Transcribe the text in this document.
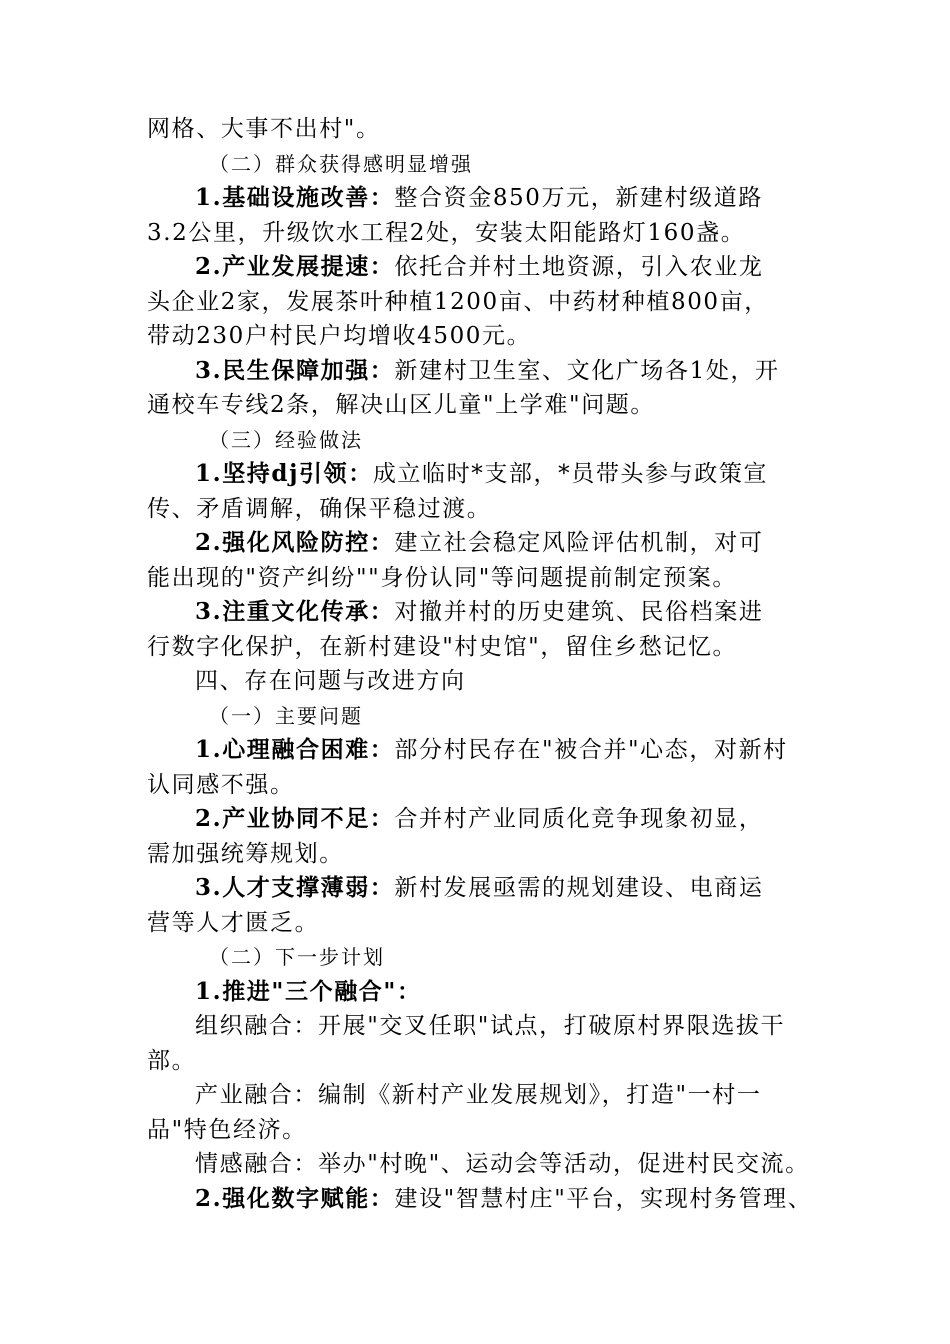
网格、大事不出村"。
（二）群众获得感明显增强
1.基础设施改善：整合资金850万元，新建村级道路
3.2公里，升级饮水工程2处，安装太阳能路灯160盏。
2.产业发展提速：依托合并村土地资源，引入农业龙
头企业2家，发展茶叶种植1200亩、中药材种植800亩，
带动230户村民户均增收4500元。
3.民生保障加强：新建村卫生室、文化广场各1处，开
通校车专线2条，解决山区儿童"上学难"问题。
（三）经验做法
1.坚持dj引领：成立临时*支部，*员带头参与政策宣
传、矛盾调解，确保平稳过渡。
2.强化风险防控：建立社会稳定风险评估机制，对可
能出现的"资产纠纷""身份认同"等问题提前制定预案。
3.注重文化传承：对撤并村的历史建筑、民俗档案进
行数字化保护，在新村建设"村史馆"，留住乡愁记忆。
四、存在问题与改进方向
（一）主要问题
1.心理融合困难：部分村民存在"被合并"心态，对新村
认同感不强。
2.产业协同不足：合并村产业同质化竞争现象初显，
需加强统筹规划。
3.人才支撑薄弱：新村发展亟需的规划建设、电商运
营等人才匮乏。
（二）下一步计划
1.推进"三个融合"：
组织融合：开展"交叉任职"试点，打破原村界限选拔干
部。
产业融合：编制《新村产业发展规划》，打造"一村一
品"特色经济。
情感融合：举办"村晚"、运动会等活动，促进村民交流。
2.强化数字赋能：建设"智慧村庄"平台，实现村务管理、
